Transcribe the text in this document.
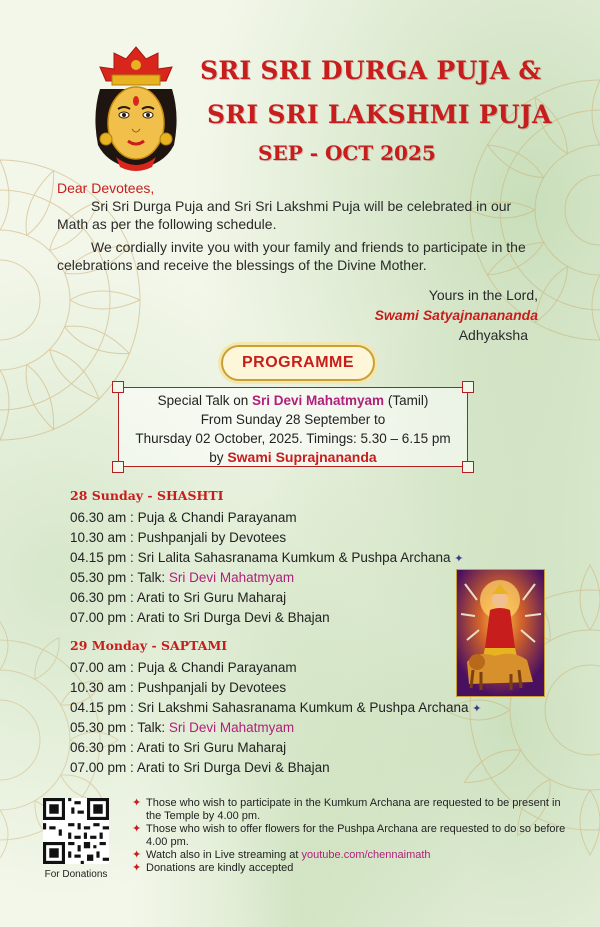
SRI SRI DURGA PUJA &
SRI SRI LAKSHMI PUJA
SEP - OCT 2025
Dear Devotees,

Sri Sri Durga Puja and Sri Sri Lakshmi Puja will be celebrated in our Math as per the following schedule.

We cordially invite you with your family and friends to participate in the celebrations and receive the blessings of the Divine Mother.

Yours in the Lord,
Swami Satyajnanananda
Adhyaksha
PROGRAMME
Special Talk on Sri Devi Mahatmyam (Tamil)
From Sunday 28 September to
Thursday 02 October, 2025. Timings: 5.30 – 6.15 pm
by Swami Suprajnananda
28 Sunday - SHASHTI
06.30 am : Puja & Chandi Parayanam
10.30 am : Pushpanjali by Devotees
04.15 pm : Sri Lalita Sahasranama Kumkum & Pushpa Archana ✦
05.30 pm : Talk: Sri Devi Mahatmyam
06.30 pm : Arati to Sri Guru Maharaj
07.00 pm : Arati to Sri Durga Devi & Bhajan
29 Monday - SAPTAMI
07.00 am : Puja & Chandi Parayanam
10.30 am : Pushpanjali by Devotees
04.15 pm : Sri Lakshmi Sahasranama Kumkum & Pushpa Archana ✦
05.30 pm : Talk: Sri Devi Mahatmyam
06.30 pm : Arati to Sri Guru Maharaj
07.00 pm : Arati to Sri Durga Devi & Bhajan
For Donations
✦ Those who wish to participate in the Kumkum Archana are requested to be present in the Temple by 4.00 pm.
✦ Those who wish to offer flowers for the Pushpa Archana are requested to do so before 4.00 pm.
✦ Watch also in Live streaming at youtube.com/chennaimath
✦ Donations are kindly accepted
